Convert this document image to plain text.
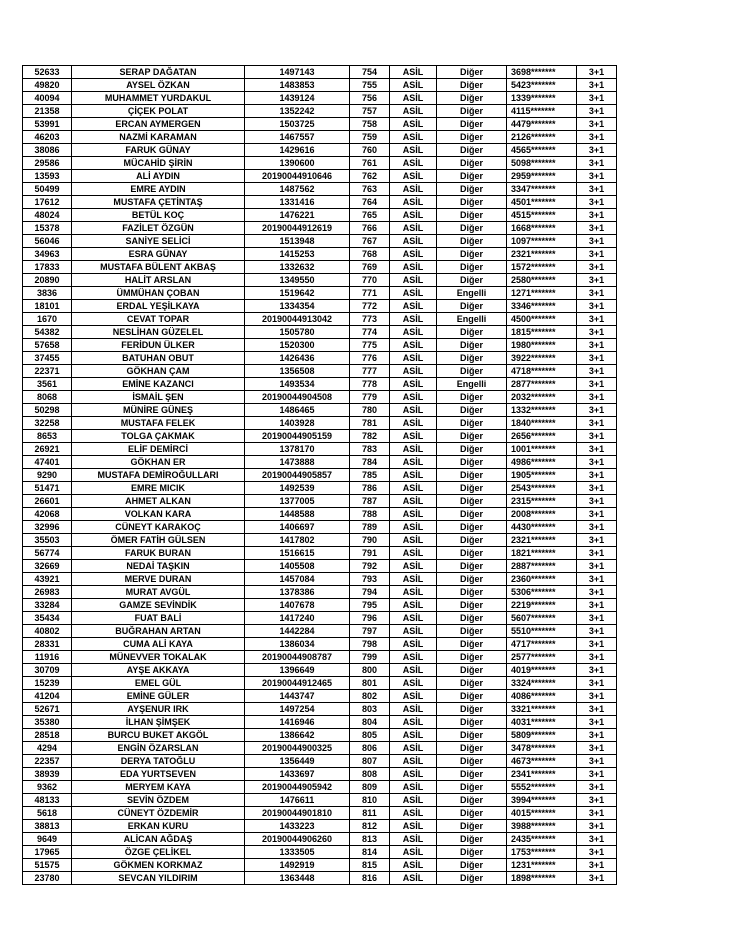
52633	SERAP DAĞATAN	1497143	754	ASİL	Diğer	3698*******	3+1
49820	AYSEL ÖZKAN	1483853	755	ASİL	Diğer	5423*******	3+1
40094	MUHAMMET YURDAKUL	1439124	756	ASİL	Diğer	1339*******	3+1
21358	ÇİÇEK POLAT	1352242	757	ASİL	Diğer	4115*******	3+1
53991	ERCAN AYMERGEN	1503725	758	ASİL	Diğer	4479*******	3+1
46203	NAZMİ KARAMAN	1467557	759	ASİL	Diğer	2126*******	3+1
38086	FARUK GÜNAY	1429616	760	ASİL	Diğer	4565*******	3+1
29586	MÜCAHİD ŞİRİN	1390600	761	ASİL	Diğer	5098*******	3+1
13593	ALİ AYDIN	20190044910646	762	ASİL	Diğer	2959*******	3+1
50499	EMRE AYDIN	1487562	763	ASİL	Diğer	3347*******	3+1
17612	MUSTAFA ÇETİNTAŞ	1331416	764	ASİL	Diğer	4501*******	3+1
48024	BETÜL KOÇ	1476221	765	ASİL	Diğer	4515*******	3+1
15378	FAZİLET ÖZGÜN	20190044912619	766	ASİL	Diğer	1668*******	3+1
56046	SANİYE SELİCİ	1513948	767	ASİL	Diğer	1097*******	3+1
34963	ESRA GÜNAY	1415253	768	ASİL	Diğer	2321*******	3+1
17833	MUSTAFA BÜLENT AKBAŞ	1332632	769	ASİL	Diğer	1572*******	3+1
20890	HALİT ARSLAN	1349550	770	ASİL	Diğer	2580*******	3+1
3836	ÜMMÜHAN ÇOBAN	1519642	771	ASİL	Engelli	1271*******	3+1
18101	ERDAL YEŞİLKAYA	1334354	772	ASİL	Diğer	3346*******	3+1
1670	CEVAT TOPAR	20190044913042	773	ASİL	Engelli	4500*******	3+1
54382	NESLİHAN GÜZELEL	1505780	774	ASİL	Diğer	1815*******	3+1
57658	FERİDUN ÜLKER	1520300	775	ASİL	Diğer	1980*******	3+1
37455	BATUHAN OBUT	1426436	776	ASİL	Diğer	3922*******	3+1
22371	GÖKHAN ÇAM	1356508	777	ASİL	Diğer	4718*******	3+1
3561	EMİNE KAZANCI	1493534	778	ASİL	Engelli	2877*******	3+1
8068	İSMAİL ŞEN	20190044904508	779	ASİL	Diğer	2032*******	3+1
50298	MÜNİRE GÜNEŞ	1486465	780	ASİL	Diğer	1332*******	3+1
32258	MUSTAFA FELEK	1403928	781	ASİL	Diğer	1840*******	3+1
8653	TOLGA ÇAKMAK	20190044905159	782	ASİL	Diğer	2656*******	3+1
26921	ELİF DEMİRCİ	1378170	783	ASİL	Diğer	1001*******	3+1
47401	GÖKHAN ER	1473888	784	ASİL	Diğer	4986*******	3+1
9290	MUSTAFA DEMİROĞULLARI	20190044905857	785	ASİL	Diğer	1905*******	3+1
51471	EMRE MICIK	1492539	786	ASİL	Diğer	2543*******	3+1
26601	AHMET ALKAN	1377005	787	ASİL	Diğer	2315*******	3+1
42068	VOLKAN KARA	1448588	788	ASİL	Diğer	2008*******	3+1
32996	CÜNEYT KARAKOÇ	1406697	789	ASİL	Diğer	4430*******	3+1
35503	ÖMER FATİH GÜLSEN	1417802	790	ASİL	Diğer	2321*******	3+1
56774	FARUK BURAN	1516615	791	ASİL	Diğer	1821*******	3+1
32669	NEDAİ TAŞKIN	1405508	792	ASİL	Diğer	2887*******	3+1
43921	MERVE DURAN	1457084	793	ASİL	Diğer	2360*******	3+1
26983	MURAT AVGÜL	1378386	794	ASİL	Diğer	5306*******	3+1
33284	GAMZE SEVİNDİK	1407678	795	ASİL	Diğer	2219*******	3+1
35434	FUAT BALİ	1417240	796	ASİL	Diğer	5607*******	3+1
40802	BUĞRAHAN ARTAN	1442284	797	ASİL	Diğer	5510*******	3+1
28331	CUMA ALİ KAYA	1386034	798	ASİL	Diğer	4717*******	3+1
11916	MÜNEVVER TOKALAK	20190044908787	799	ASİL	Diğer	2577*******	3+1
30709	AYŞE AKKAYA	1396649	800	ASİL	Diğer	4019*******	3+1
15239	EMEL GÜL	20190044912465	801	ASİL	Diğer	3324*******	3+1
41204	EMİNE GÜLER	1443747	802	ASİL	Diğer	4086*******	3+1
52671	AYŞENUR IRK	1497254	803	ASİL	Diğer	3321*******	3+1
35380	İLHAN ŞİMŞEK	1416946	804	ASİL	Diğer	4031*******	3+1
28518	BURCU BUKET AKGÖL	1386642	805	ASİL	Diğer	5809*******	3+1
4294	ENGİN ÖZARSLAN	20190044900325	806	ASİL	Diğer	3478*******	3+1
22357	DERYA TATOĞLU	1356449	807	ASİL	Diğer	4673*******	3+1
38939	EDA YURTSEVEN	1433697	808	ASİL	Diğer	2341*******	3+1
9362	MERYEM KAYA	20190044905942	809	ASİL	Diğer	5552*******	3+1
48133	SEVİN ÖZDEM	1476611	810	ASİL	Diğer	3994*******	3+1
5618	CÜNEYT ÖZDEMİR	20190044901810	811	ASİL	Diğer	4015*******	3+1
38813	ERKAN KURU	1433223	812	ASİL	Diğer	3988*******	3+1
9649	ALİCAN AĞDAŞ	20190044906260	813	ASİL	Diğer	2435*******	3+1
17965	ÖZGE ÇELİKEL	1333505	814	ASİL	Diğer	1753*******	3+1
51575	GÖKMEN KORKMAZ	1492919	815	ASİL	Diğer	1231*******	3+1
23780	SEVCAN YILDIRIM	1363448	816	ASİL	Diğer	1898*******	3+1
